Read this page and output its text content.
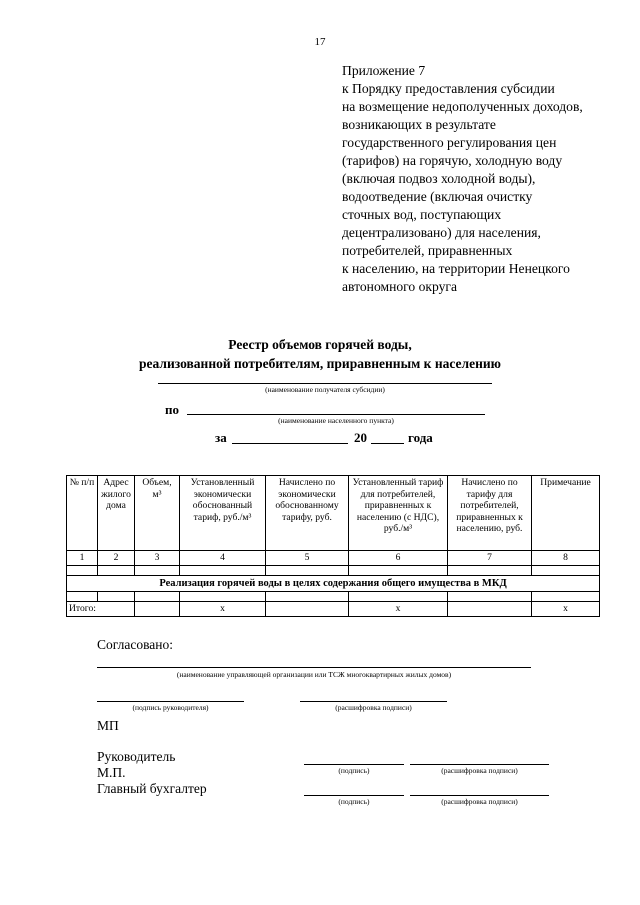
17
Приложение 7
к Порядку предоставления субсидии
на возмещение недополученных доходов,
возникающих в результате
государственного регулирования цен
(тарифов) на горячую, холодную воду
(включая подвоз холодной воды),
водоотведение (включая очистку
сточных вод, поступающих
децентрализовано) для населения,
потребителей, приравненных
к населению, на территории Ненецкого
автономного округа
Реестр объемов горячей воды,
реализованной потребителям, приравненным к населению
(наименование получателя субсидии)
по
(наименование населенного пункта)
за	20	года
№ п/п	Адрес жилого дома	Объем, м³	Установленный экономически обоснованный тариф, руб./м³	Начислено по экономически обоснованному тарифу, руб.	Установленный тариф для потребителей, приравненных к населению (с НДС), руб./м³	Начислено по тарифу для потребителей, приравненных к населению, руб.	Примечание
1	2	3	4	5	6	7	8

Реализация горячей воды в целях содержания общего имущества в МКД							

Итого:			x		x		x
Согласовано:
(наименование управляющей организации или ТСЖ многоквартирных жилых домов)
(подпись руководителя)	(расшифровка подписи)
МП
Руководитель
М.П.	(подпись)	(расшифровка подписи)
Главный бухгалтер
(подпись)	(расшифровка подписи)
